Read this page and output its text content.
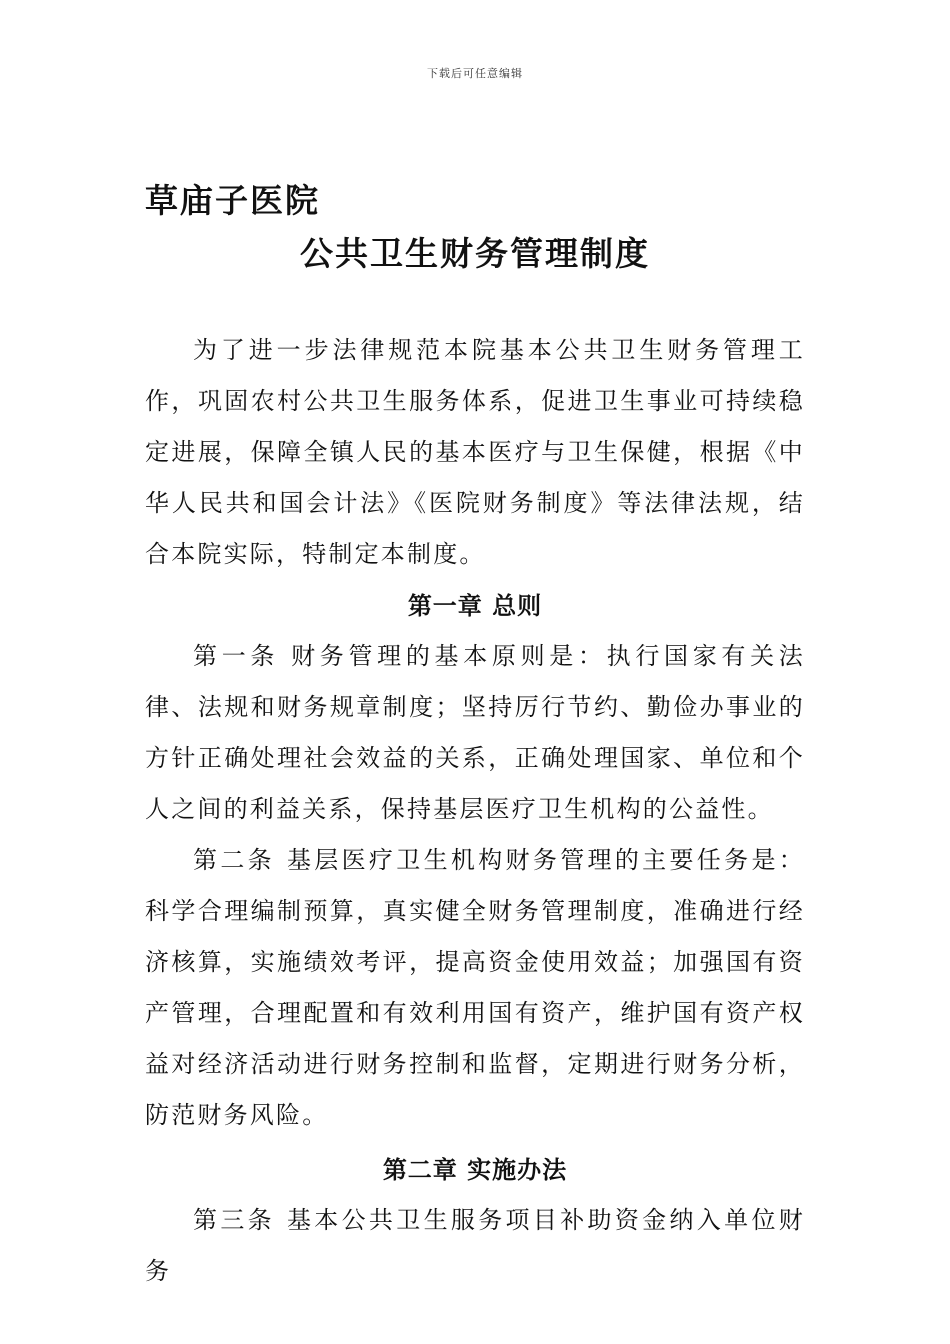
下载后可任意编辑
草庙子医院
公共卫生财务管理制度

为了进一步法律规范本院基本公共卫生财务管理工作，巩固农村公共卫生服务体系，促进卫生事业可持续稳定进展，保障全镇人民的基本医疗与卫生保健，根据《中华人民共和国会计法》《医院财务制度》等法律法规，结合本院实际，特制定本制度。

第一章 总则

第一条 财务管理的基本原则是：执行国家有关法律、法规和财务规章制度；坚持厉行节约、勤俭办事业的方针正确处理社会效益的关系，正确处理国家、单位和个人之间的利益关系，保持基层医疗卫生机构的公益性。

第二条 基层医疗卫生机构财务管理的主要任务是：科学合理编制预算，真实健全财务管理制度，准确进行经济核算，实施绩效考评，提高资金使用效益；加强国有资产管理，合理配置和有效利用国有资产，维护国有资产权益对经济活动进行财务控制和监督，定期进行财务分析，防范财务风险。

第二章 实施办法

第三条 基本公共卫生服务项目补助资金纳入单位财务
